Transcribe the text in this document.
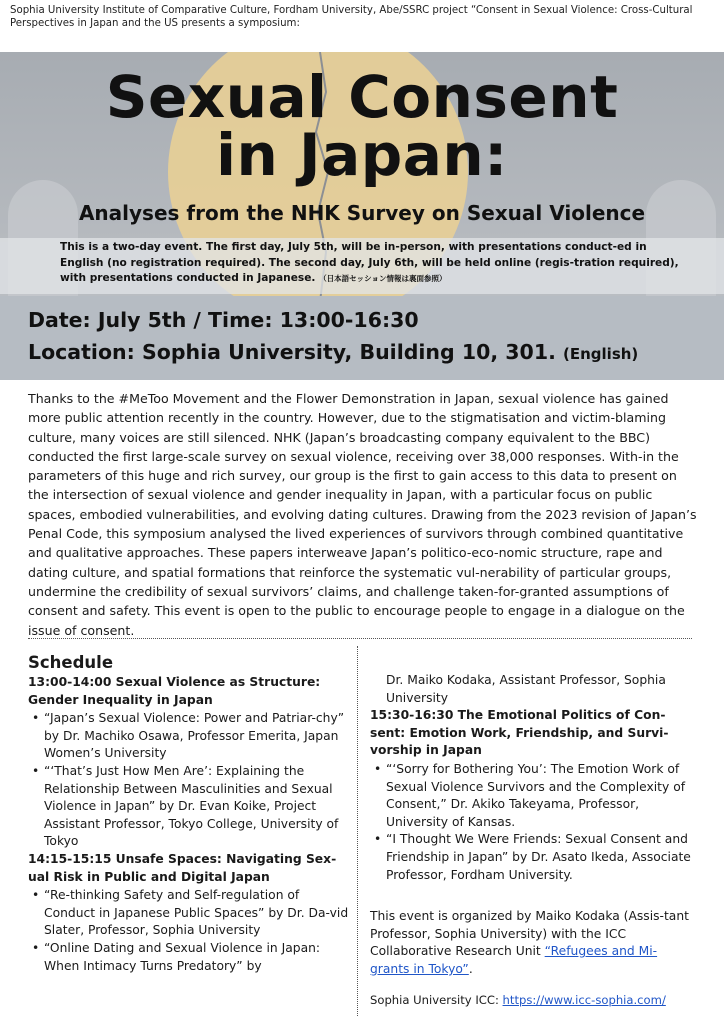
Sophia University Institute of Comparative Culture, Fordham University, Abe/SSRC project “Consent in Sexual Violence: Cross-Cultural Perspectives in Japan and the US presents a symposium:
Sexual Consent
in Japan:
Analyses from the NHK Survey on Sexual Violence
This is a two-day event. The first day, July 5th, will be in-person, with presentations conduct-ed in English (no registration required). The second day, July 6th, will be held online (regis-tration required), with presentations conducted in Japanese. （日本語セッション情報は裏面参照）
Date: July 5th / Time: 13:00-16:30
Location: Sophia University, Building 10, 301. (English)
Thanks to the #MeToo Movement and the Flower Demonstration in Japan, sexual violence has gained more public attention recently in the country. However, due to the stigmatisation and victim-blaming culture, many voices are still silenced. NHK (Japan’s broadcasting company equivalent to the BBC) conducted the first large-scale survey on sexual violence, receiving over 38,000 responses. With-in the parameters of this huge and rich survey, our group is the first to gain access to this data to present on the intersection of sexual violence and gender inequality in Japan, with a particular focus on public spaces, embodied vulnerabilities, and evolving dating cultures. Drawing from the 2023 revision of Japan’s Penal Code, this symposium analysed the lived experiences of survivors through combined quantitative and qualitative approaches. These papers interweave Japan’s politico-eco-nomic structure, rape and dating culture, and spatial formations that reinforce the systematic vul-nerability of particular groups, undermine the credibility of sexual survivors’ claims, and challenge taken-for-granted assumptions of consent and safety. This event is open to the public to encourage people to engage in a dialogue on the issue of consent.
Schedule
13:00-14:00 Sexual Violence as Structure: Gender Inequality in Japan
• “Japan’s Sexual Violence: Power and Patriar-chy” by Dr. Machiko Osawa, Professor Emerita, Japan Women’s University
• “‘That’s Just How Men Are’: Explaining the Relationship Between Masculinities and Sexual Violence in Japan” by Dr. Evan Koike, Project Assistant Professor, Tokyo College, University of Tokyo
14:15-15:15 Unsafe Spaces: Navigating Sex-ual Risk in Public and Digital Japan
• “Re-thinking Safety and Self-regulation of Conduct in Japanese Public Spaces” by Dr. Da-vid Slater, Professor, Sophia University
• “Online Dating and Sexual Violence in Japan: When Intimacy Turns Predatory” by
Dr. Maiko Kodaka, Assistant Professor, Sophia University
15:30-16:30 The Emotional Politics of Con-sent: Emotion Work, Friendship, and Survi-vorship in Japan
• “‘Sorry for Bothering You’: The Emotion Work of Sexual Violence Survivors and the Complexity of Consent,” Dr. Akiko Takeyama, Professor, University of Kansas.
• “I Thought We Were Friends: Sexual Consent and Friendship in Japan” by Dr. Asato Ikeda, Associate Professor, Fordham University.
This event is organized by Maiko Kodaka (Assis-tant Professor, Sophia University) with the ICC Collaborative Research Unit “Refugees and Mi-grants in Tokyo”.
Sophia University ICC: https://www.icc-sophia.com/
